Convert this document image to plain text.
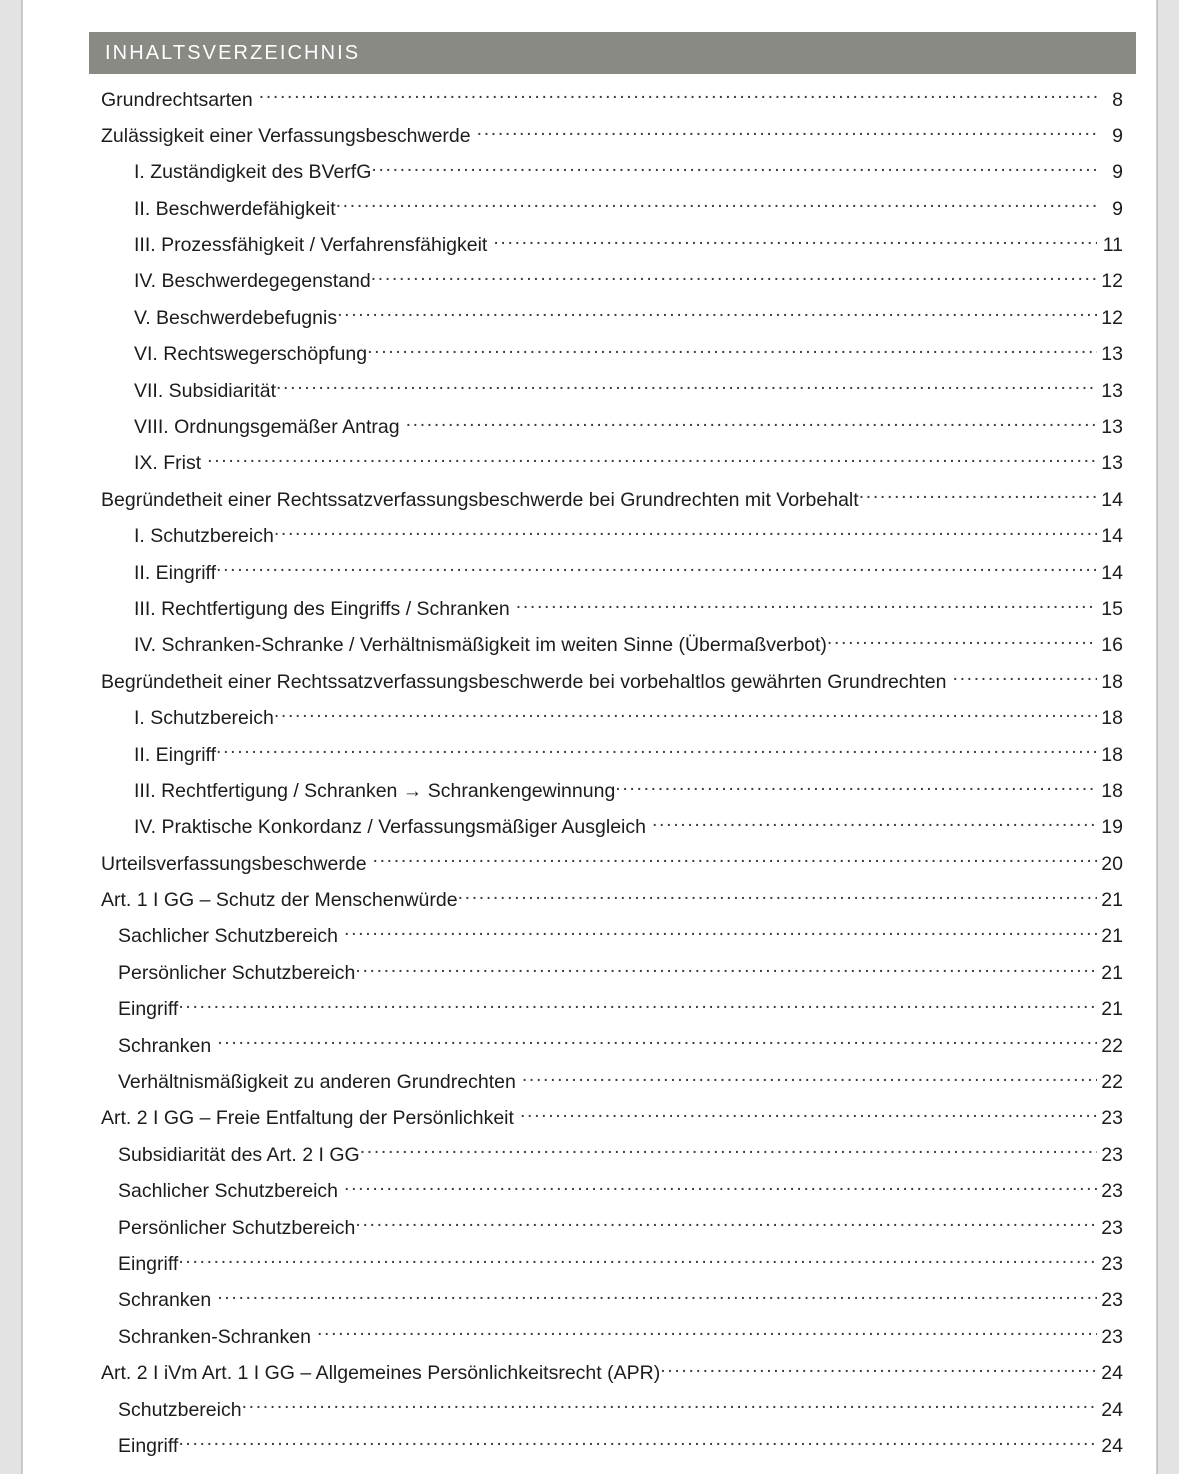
INHALTSVERZEICHNIS
Grundrechtsarten .....	8
Zulässigkeit einer Verfassungsbeschwerde .....	9
I. Zuständigkeit des BVerfG .....	9
II. Beschwerdefähigkeit .....	9
III. Prozessfähigkeit / Verfahrensfähigkeit .....	11
IV. Beschwerdegegenstand .....	12
V. Beschwerdebefugnis .....	12
VI. Rechtswegerschöpfung .....	13
VII. Subsidiarität .....	13
VIII. Ordnungsgemäßer Antrag .....	13
IX. Frist .....	13
Begründetheit einer Rechtssatzverfassungsbeschwerde bei Grundrechten mit Vorbehalt .....	14
I. Schutzbereich .....	14
II. Eingriff .....	14
III. Rechtfertigung des Eingriffs / Schranken .....	15
IV. Schranken-Schranke / Verhältnismäßigkeit im weiten Sinne (Übermaßverbot) .....	16
Begründetheit einer Rechtssatzverfassungsbeschwerde bei vorbehaltlos gewährten Grundrechten .....	18
I. Schutzbereich .....	18
II. Eingriff .....	18
III. Rechtfertigung / Schranken → Schrankengewinnung .....	18
IV. Praktische Konkordanz / Verfassungsmäßiger Ausgleich .....	19
Urteilsverfassungsbeschwerde .....	20
Art. 1 I GG – Schutz der Menschenwürde .....	21
Sachlicher Schutzbereich .....	21
Persönlicher Schutzbereich .....	21
Eingriff .....	21
Schranken .....	22
Verhältnismäßigkeit zu anderen Grundrechten .....	22
Art. 2 I GG – Freie Entfaltung der Persönlichkeit .....	23
Subsidiarität des Art. 2 I GG .....	23
Sachlicher Schutzbereich .....	23
Persönlicher Schutzbereich .....	23
Eingriff .....	23
Schranken .....	23
Schranken-Schranken .....	23
Art. 2 I iVm Art. 1 I GG – Allgemeines Persönlichkeitsrecht (APR) .....	24
Schutzbereich .....	24
Eingriff .....	24
